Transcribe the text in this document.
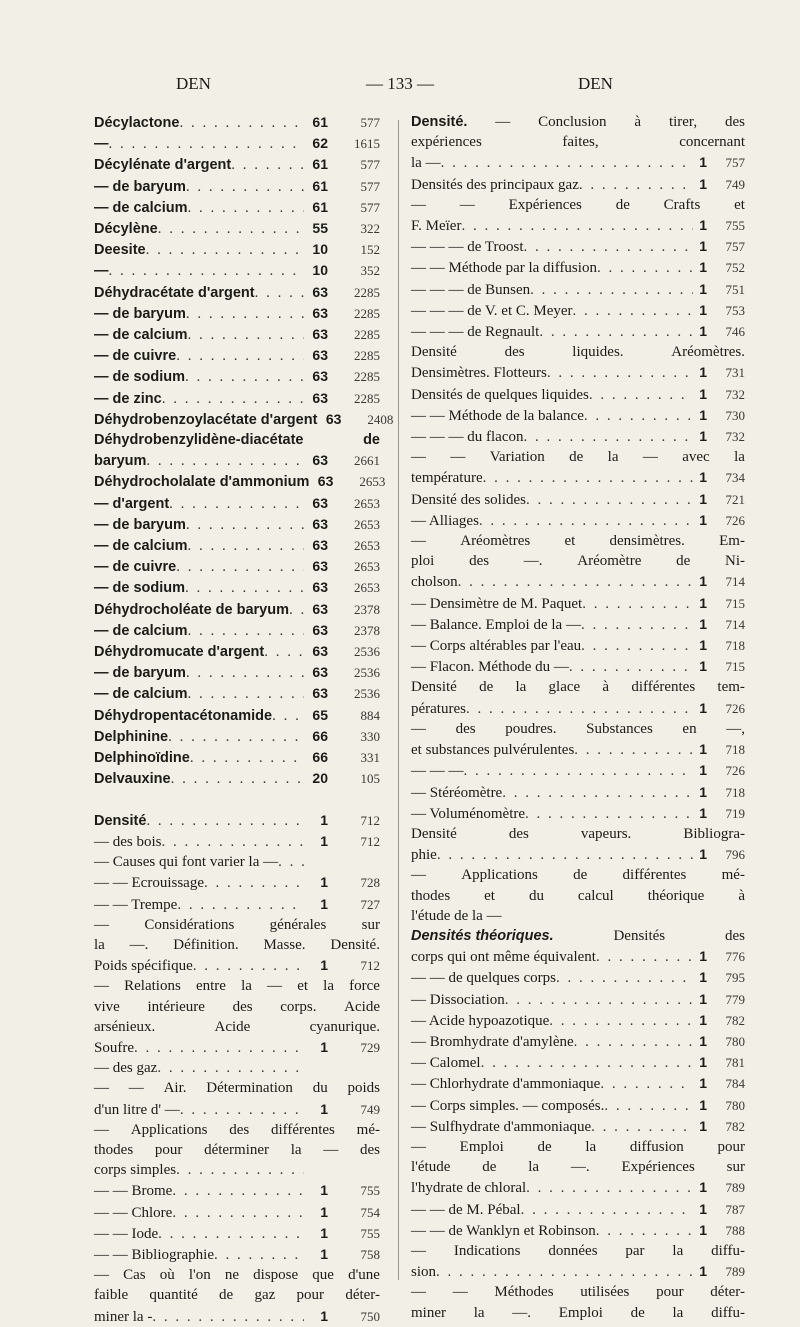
DEN	— 133 —	DEN
Décylactone . . .	61	577
— . . .	62	1615
Décylénate d'argent . . .	61	577
— de baryum . . .	61	577
— de calcium . . .	61	577
Décylène . . .	55	322
Deesite . . .	10	152
— . . .	10	352
Déhydracétate d'argent . . .	63	2285
— de baryum . . .	63	2285
— de calcium . . .	63	2285
— de cuivre . . .	63	2285
— de sodium . . .	63	2285
— de zinc . . .	63	2285
Déhydrobenzoylacétate d'argent 63	2408
Déhydrobenzylidène-diacétate	de
baryum . . .	63	2661
Déhydrocholalate d'ammonium 63	2653
— d'argent . . .	63	2653
— de baryum . . .	63	2653
— de calcium . . .	63	2653
— de cuivre . . .	63	2653
— de sodium . . .	63	2653
Déhydrocholéate de baryum . . .	63	2378
— de calcium . . .	63	2378
Déhydromucate d'argent . . .	63	2536
— de baryum . . .	63	2536
— de calcium . . .	63	2536
Déhydropentacétonamide . . .	65	884
Delphinine . . .	66	330
Delphinoïdine . . .	66	331
Delvauxine . . .	20	105
Densité . . .	1	712
— des bois . . .	1	712
— Causes qui font varier la —
. . .
— — Ecrouissage . . .	1	728
— — Trempe . . .	1	727
— Considérations générales sur
la —. Définition. Masse. Densité.
Poids spécifique . . .	1	712
— Relations entre la — et la force
vive intérieure des corps. Acide
arsénieux.	Acide	cyanurique.
Soufre . . .	1	729
— des gaz
. . .
— — Air. Détermination du poids
d'un litre d' — . . .	1	749
— Applications des différentes mé-
thodes pour déterminer la — des
corps simples
. . .
— — Brome . . .	1	755
— — Chlore . . .	1	754
— — Iode . . .	1	755
— — Bibliographie . . .	1	758
— Cas où l'on ne dispose que d'une
faible quantité de gaz pour déter-
miner la - . . .	1	750
Densité. — Conclusion à tirer, des
expériences	faites,	concernant
la — . . .	1	757
Densités des principaux gaz . . .	1	749
— — Expériences de Crafts et
F. Meïer . . .	1	755
— — — de Troost . . .	1	757
— — Méthode par la diffusion . . .	1	752
— — — de Bunsen . . .	1	751
— — — de V. et C. Meyer . . .	1	753
— — — de Regnault . . .	1	746
Densité	des	liquides.	Aréomètres.
Densimètres. Flotteurs . . .	1	731
Densités de quelques liquides . . .	1	732
— — Méthode de la balance . . .	1	730
— — — du flacon . . .	1	732
— — Variation de la — avec la
température . . .	1	734
Densité des solides . . .	1	721
— Alliages . . .	1	726
— Aréomètres et densimètres. Em-
ploi des —. Aréomètre de Ni-
cholson . . .	1	714
— Densimètre de M. Paquet . . .	1	715
— Balance. Emploi de la — . . .	1	714
— Corps altérables par l'eau . . .	1	718
— Flacon. Méthode du — . . .	1	715
Densité de la glace à différentes tem-
pératures . . .	1	726
— des poudres. Substances en —,
et substances pulvérulentes . . .	1	718
— — — . . .	1	726
— Stéréomètre . . .	1	718
— Voluménomètre . . .	1	719
Densité	des	vapeurs.	Bibliogra-
phie . . .	1	796
— Applications de différentes mé-
thodes et du calcul théorique à
l'étude de la —
Densités théoriques.	Densités	des
corps qui ont même équivalent . . .	1	776
— — de quelques corps . . .	1	795
— Dissociation . . .	1	779
— Acide hypoazotique . . .	1	782
— Bromhydrate d'amylène . . .	1	780
— Calomel . . .	1	781
— Chlorhydrate d'ammoniaque . . .	1	784
— Corps simples. — composés. . . .	1	780
— Sulfhydrate d'ammoniaque . . .	1	782
— Emploi de la diffusion pour
l'étude de la —. Expériences sur
l'hydrate de chloral . . .	1	789
— — de M. Pébal . . .	1	787
— — de Wanklyn et Robinson . . .	1	788
— Indications données par la diffu-
sion . . .	1	789
— — Méthodes utilisées pour déter-
miner la —. Emploi de la diffu-
